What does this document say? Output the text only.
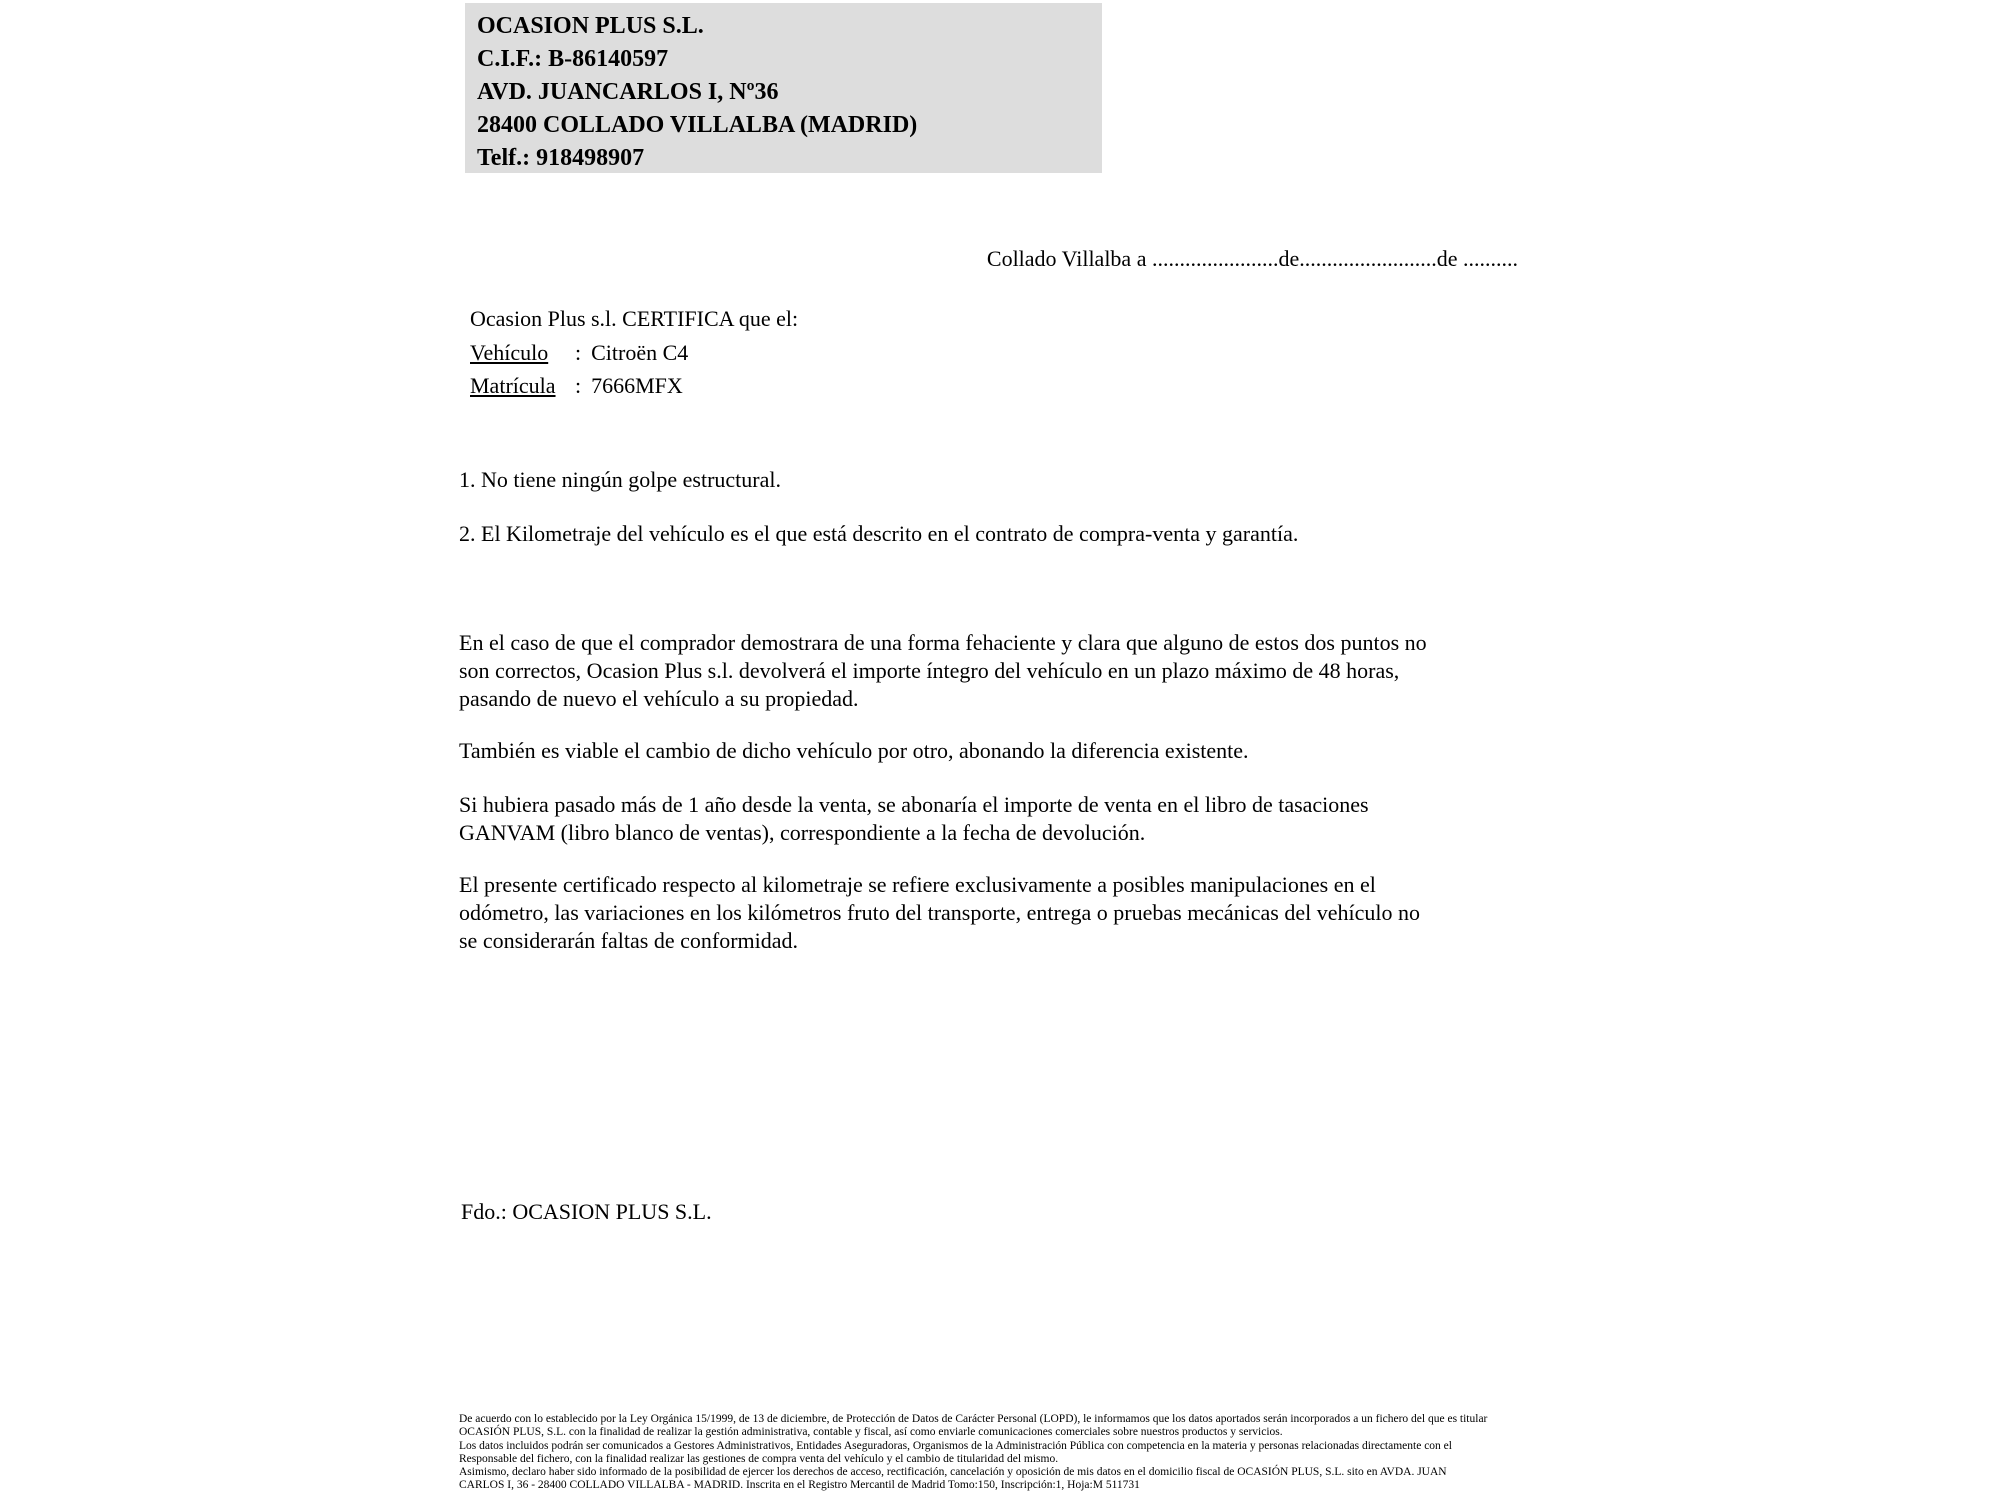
OCASION PLUS S.L.
C.I.F.: B-86140597
AVD. JUANCARLOS I, Nº36
28400 COLLADO VILLALBA (MADRID)
Telf.: 918498907
Collado Villalba a .......................de.........................de ..........
Ocasion Plus s.l. CERTIFICA que el:
Vehículo	: Citroën C4
Matrícula : 7666MFX
1. No tiene ningún golpe estructural.
2. El Kilometraje del vehículo es el que está descrito en el contrato de compra-venta y garantía.
En el caso de que el comprador demostrara de una forma fehaciente y clara que alguno de estos dos puntos no
son correctos, Ocasion Plus s.l. devolverá el importe íntegro del vehículo en un plazo máximo de 48 horas,
pasando de nuevo el vehículo a su propiedad.
También es viable el cambio de dicho vehículo por otro, abonando la diferencia existente.
Si hubiera pasado más de 1 año desde la venta, se abonaría el importe de venta en el libro de tasaciones
GANVAM (libro blanco de ventas), correspondiente a la fecha de devolución.
El presente certificado respecto al kilometraje se refiere exclusivamente a posibles manipulaciones en el
odómetro, las variaciones en los kilómetros fruto del transporte, entrega o pruebas mecánicas del vehículo no
se considerarán faltas de conformidad.
Fdo.: OCASION PLUS S.L.
De acuerdo con lo establecido por la Ley Orgánica 15/1999, de 13 de diciembre, de Protección de Datos de Carácter Personal (LOPD), le informamos que los datos aportados serán incorporados a un fichero del que es titular
OCASIÓN PLUS, S.L. con la finalidad de realizar la gestión administrativa, contable y fiscal, así como enviarle comunicaciones comerciales sobre nuestros productos y servicios.
Los datos incluidos podrán ser comunicados a Gestores Administrativos, Entidades Aseguradoras, Organismos de la Administración Pública con competencia en la materia y personas relacionadas directamente con el
Responsable del fichero, con la finalidad realizar las gestiones de compra venta del vehículo y el cambio de titularidad del mismo.
Asimismo, declaro haber sido informado de la posibilidad de ejercer los derechos de acceso, rectificación, cancelación y oposición de mis datos en el domicilio fiscal de OCASIÓN PLUS, S.L. sito en AVDA. JUAN
CARLOS I, 36 - 28400 COLLADO VILLALBA - MADRID. Inscrita en el Registro Mercantil de Madrid Tomo:150, Inscripción:1, Hoja:M 511731
